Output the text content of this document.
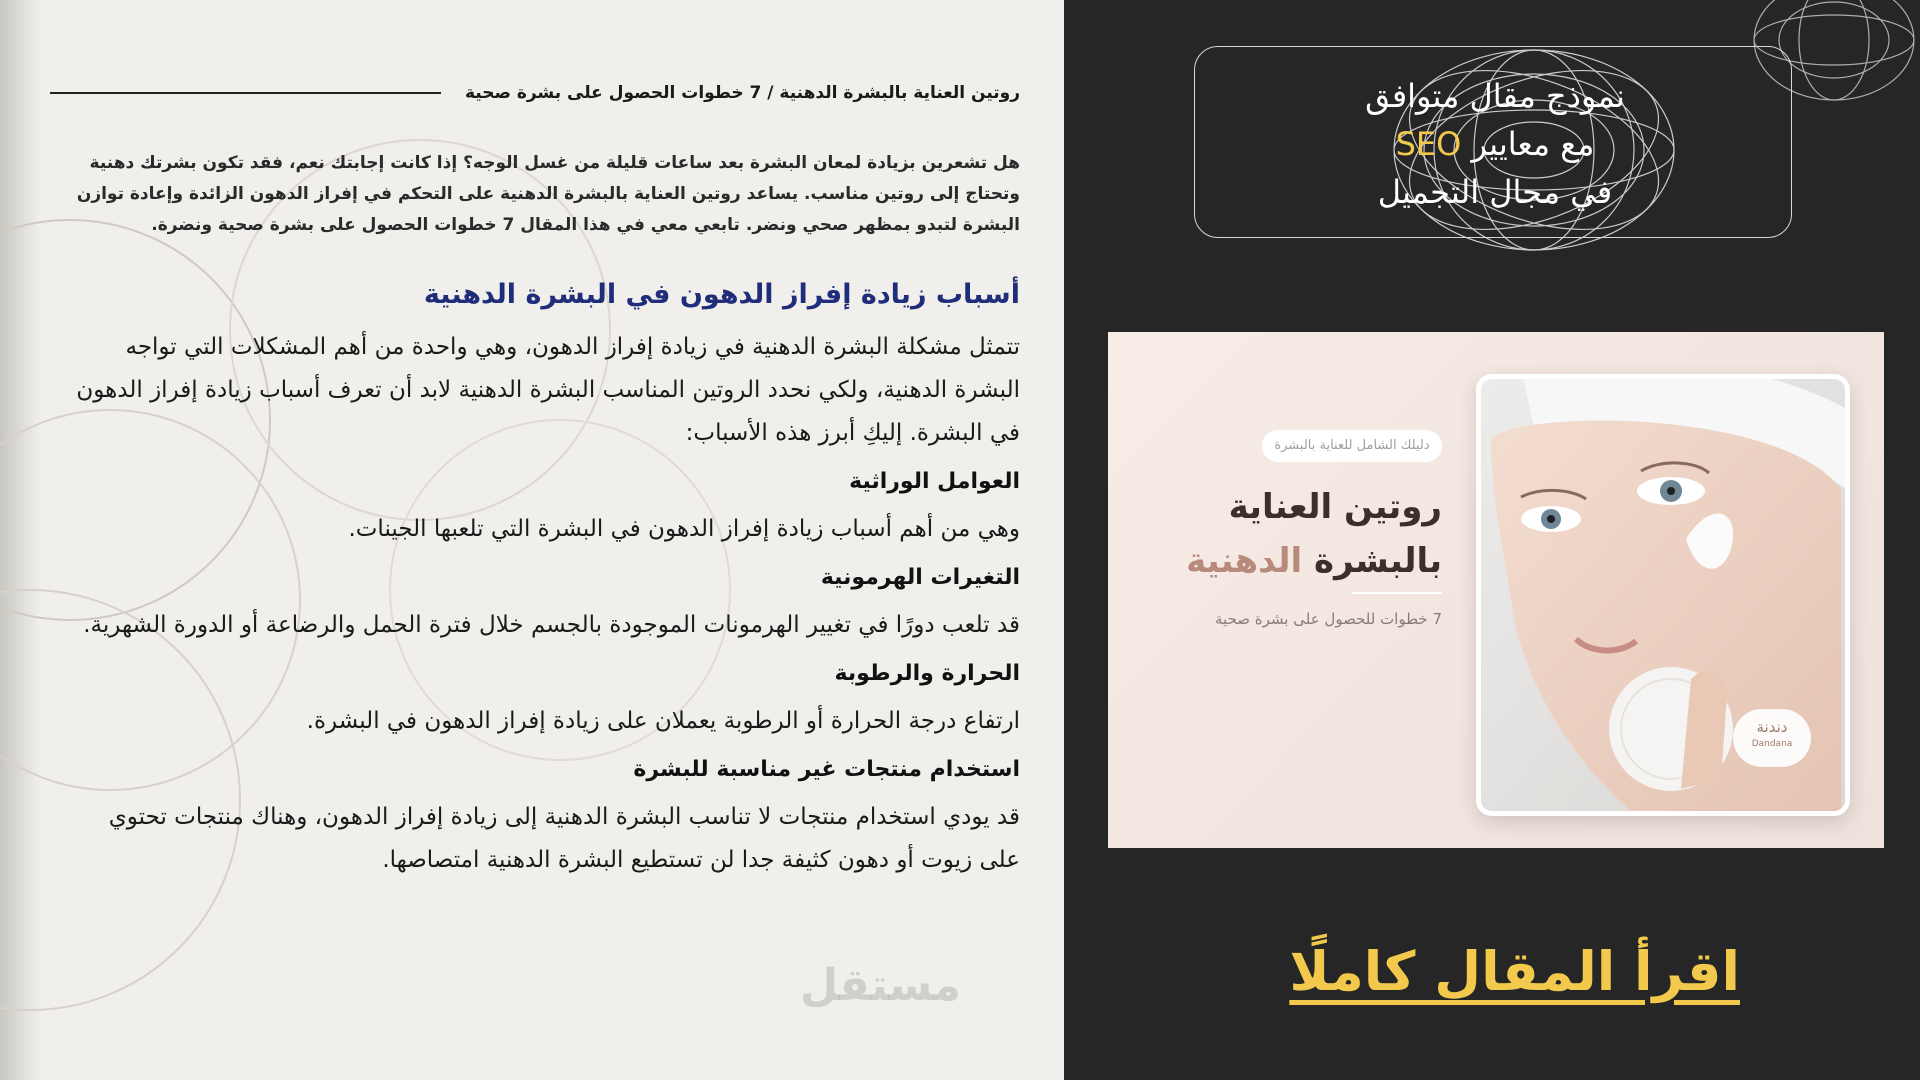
روتين العناية بالبشرة الدهنية / 7 خطوات الحصول على بشرة صحية
هل تشعرين بزيادة لمعان البشرة بعد ساعات قليلة من غسل الوجه؟ إذا كانت إجابتك نعم، فقد تكون بشرتك دهنية وتحتاج إلى روتين مناسب. يساعد روتين العناية بالبشرة الدهنية على التحكم في إفراز الدهون الزائدة وإعادة توازن البشرة لتبدو بمظهر صحي ونضر. تابعي معي في هذا المقال 7 خطوات الحصول على بشرة صحية ونضرة.
أسباب زيادة إفراز الدهون في البشرة الدهنية
تتمثل مشكلة البشرة الدهنية في زيادة إفراز الدهون، وهي واحدة من أهم المشكلات التي تواجه البشرة الدهنية، ولكي نحدد الروتين المناسب البشرة الدهنية لابد أن تعرف أسباب زيادة إفراز الدهون في البشرة. إليكِ أبرز هذه الأسباب:
العوامل الوراثية
وهي من أهم أسباب زيادة إفراز الدهون في البشرة التي تلعبها الجينات.
التغيرات الهرمونية
قد تلعب دورًا في تغيير الهرمونات الموجودة بالجسم خلال فترة الحمل والرضاعة أو الدورة الشهرية.
الحرارة والرطوبة
ارتفاع درجة الحرارة أو الرطوبة يعملان على زيادة إفراز الدهون في البشرة.
استخدام منتجات غير مناسبة للبشرة
قد يودي استخدام منتجات لا تناسب البشرة الدهنية إلى زيادة إفراز الدهون، وهناك منتجات تحتوي على زيوت أو دهون كثيفة جدا لن تستطيع البشرة الدهنية امتصاصها.
مستقل
نموذج مقال متوافق
مع معايير SEO
في مجال التجميل
دندنة
Dandana
دليلك الشامل للعناية بالبشرة
روتين العناية
بالبشرة الدهنية
7 خطوات للحصول على بشرة صحية
اقرأ المقال كاملًا
